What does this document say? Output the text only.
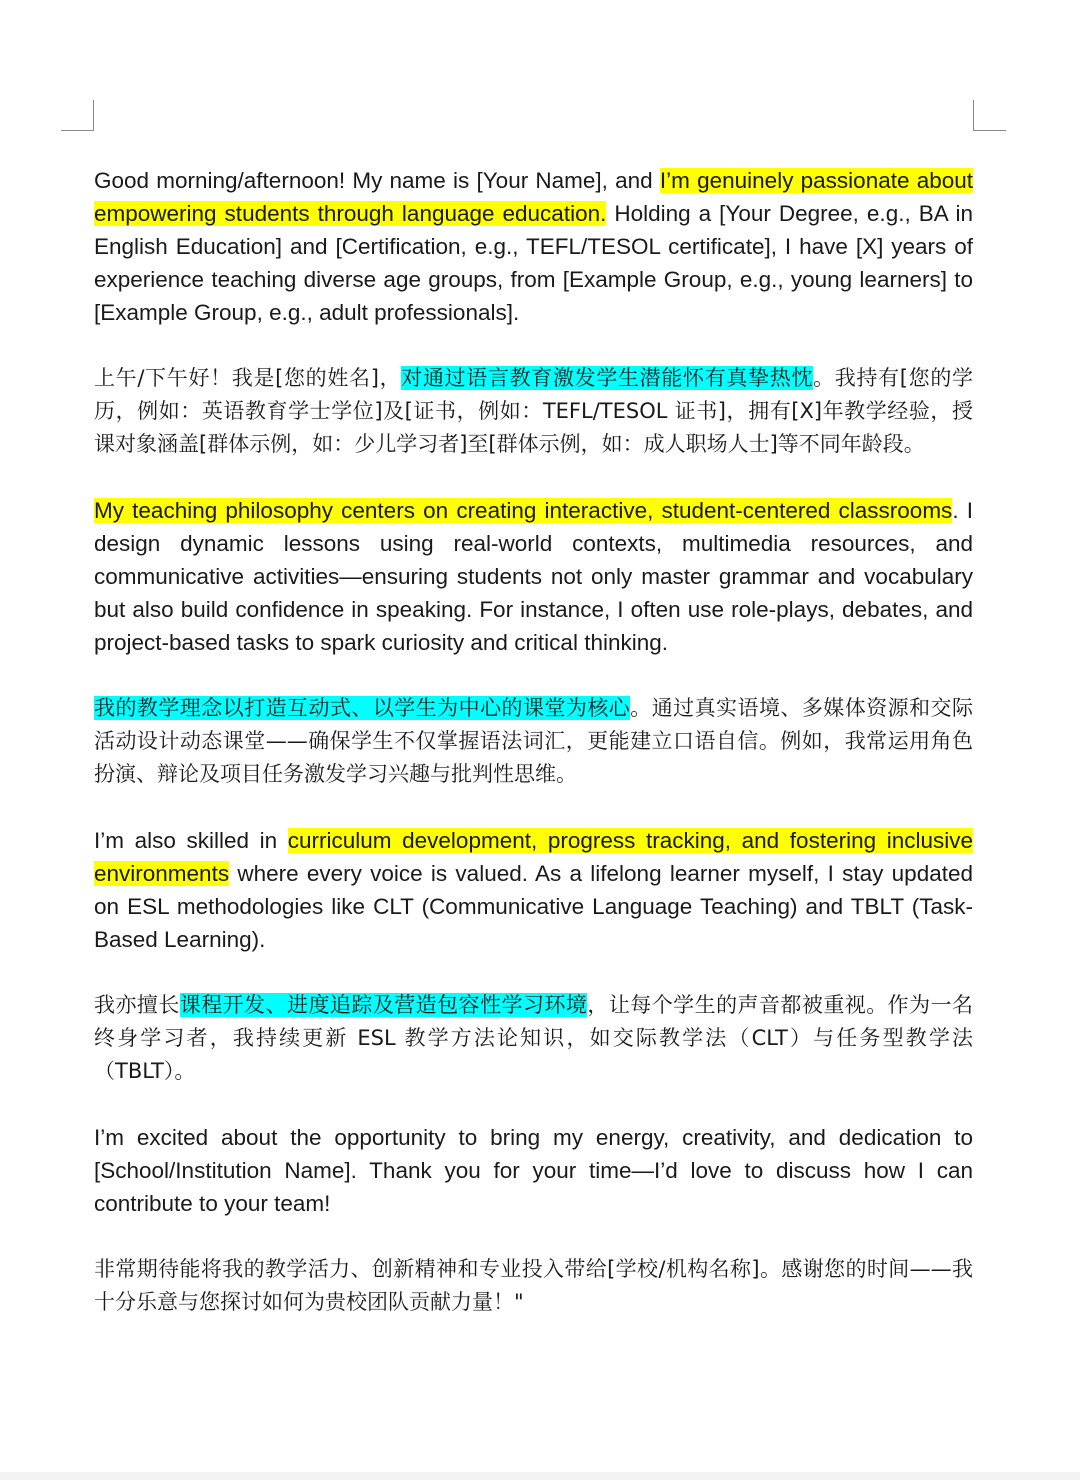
Good morning/afternoon! My name is [Your Name], and I’m genuinely passionate about empowering students through language education. Holding a [Your Degree, e.g., BA in English Education] and [Certification, e.g., TEFL/TESOL certificate], I have [X] years of experience teaching diverse age groups, from [Example Group, e.g., young learners] to [Example Group, e.g., adult professionals].

上午/下午好！我是[您的姓名]，对通过语言教育激发学生潜能怀有真挚热忱。我持有[您的学历，例如：英语教育学士学位]及[证书，例如：TEFL/TESOL 证书]，拥有[X]年教学经验，授课对象涵盖[群体示例，如：少儿学习者]至[群体示例，如：成人职场人士]等不同年龄段。

My teaching philosophy centers on creating interactive, student-centered classrooms. I design dynamic lessons using real-world contexts, multimedia resources, and communicative activities—ensuring students not only master grammar and vocabulary but also build confidence in speaking. For instance, I often use role-plays, debates, and project-based tasks to spark curiosity and critical thinking.

我的教学理念以打造互动式、以学生为中心的课堂为核心。通过真实语境、多媒体资源和交际活动设计动态课堂——确保学生不仅掌握语法词汇，更能建立口语自信。例如，我常运用角色扮演、辩论及项目任务激发学习兴趣与批判性思维。

I’m also skilled in curriculum development, progress tracking, and fostering inclusive environments where every voice is valued. As a lifelong learner myself, I stay updated on ESL methodologies like CLT (Communicative Language Teaching) and TBLT (Task-Based Learning).

我亦擅长课程开发、进度追踪及营造包容性学习环境，让每个学生的声音都被重视。作为一名终身学习者，我持续更新 ESL 教学方法论知识，如交际教学法（CLT）与任务型教学法（TBLT）。

I’m excited about the opportunity to bring my energy, creativity, and dedication to [School/Institution Name]. Thank you for your time—I’d love to discuss how I can contribute to your team!

非常期待能将我的教学活力、创新精神和专业投入带给[学校/机构名称]。感谢您的时间——我十分乐意与您探讨如何为贵校团队贡献力量！"
